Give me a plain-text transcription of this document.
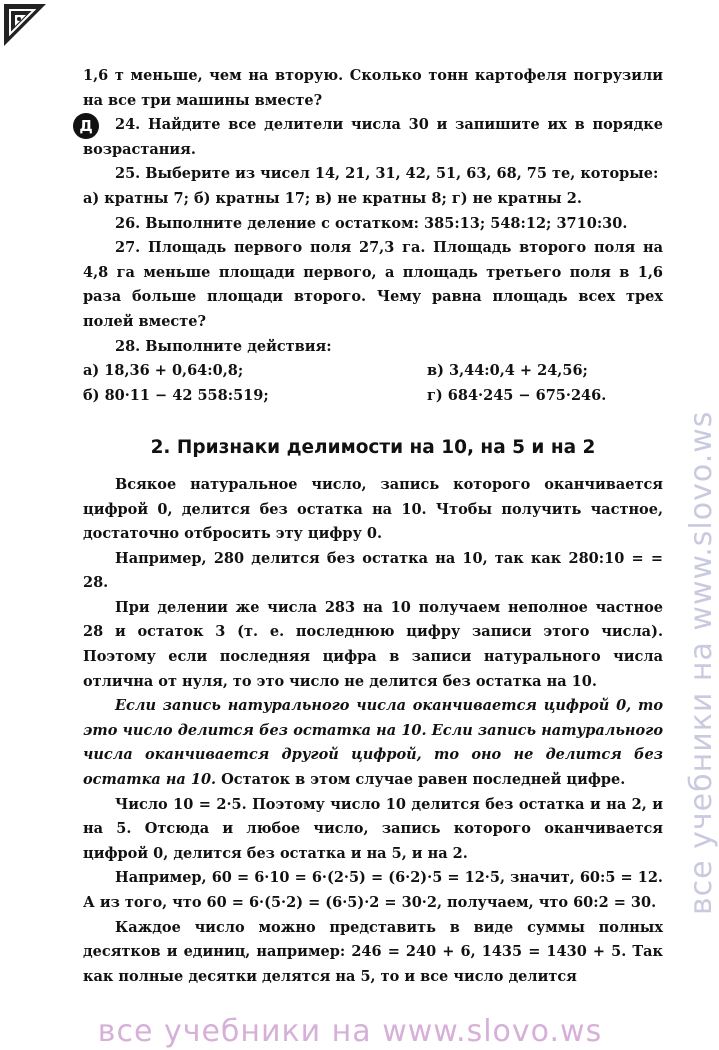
1,6 т меньше, чем на вторую. Сколько тонн картофеля погрузили на все три машины вместе?

Д	24. Найдите все делители числа 30 и запишите их в порядке возрастания.

25. Выберите из чисел 14, 21, 31, 42, 51, 63, 68, 75 те, которые:

а) кратны 7; б) кратны 17; в) не кратны 8; г) не кратны 2.

26. Выполните деление с остатком: 385:13; 548:12; 3710:30.

27. Площадь первого поля 27,3 га. Площадь второго поля на 4,8 га меньше площади первого, а площадь третьего поля в 1,6 раза больше площади второго. Чему равна площадь всех трех полей вместе?

28. Выполните действия:

а) 18,36 + 0,64:0,8;	в) 3,44:0,4 + 24,56;
б) 80·11 − 42 558:519;	г) 684·245 − 675·246.
2. Признаки делимости на 10, на 5 и на 2

Всякое натуральное число, запись которого оканчивается цифрой 0, делится без остатка на 10. Чтобы получить частное, достаточно отбросить эту цифру 0.

Например, 280 делится без остатка на 10, так как 280:10 = = 28.

При делении же числа 283 на 10 получаем неполное частное 28 и остаток 3 (т. е. последнюю цифру записи этого числа). Поэтому если последняя цифра в записи натурального числа отлична от нуля, то это число не делится без остатка на 10.

Если запись натурального числа оканчивается цифрой 0, то это число делится без остатка на 10. Если запись натурального числа оканчивается другой цифрой, то оно не делится без остатка на 10. Остаток в этом случае равен последней цифре.

Число 10 = 2·5. Поэтому число 10 делится без остатка и на 2, и на 5. Отсюда и любое число, запись которого оканчивается цифрой 0, делится без остатка и на 5, и на 2.

Например, 60 = 6·10 = 6·(2·5) = (6·2)·5 = 12·5, значит, 60:5 = 12. А из того, что 60 = 6·(5·2) = (6·5)·2 = 30·2, получаем, что 60:2 = 30.

Каждое число можно представить в виде суммы полных десятков и единиц, например: 246 = 240 + 6, 1435 = 1430 + 5. Так как полные десятки делятся на 5, то и все число делится

все учебники на www.slovo.ws
все учебники на www.slovo.ws
